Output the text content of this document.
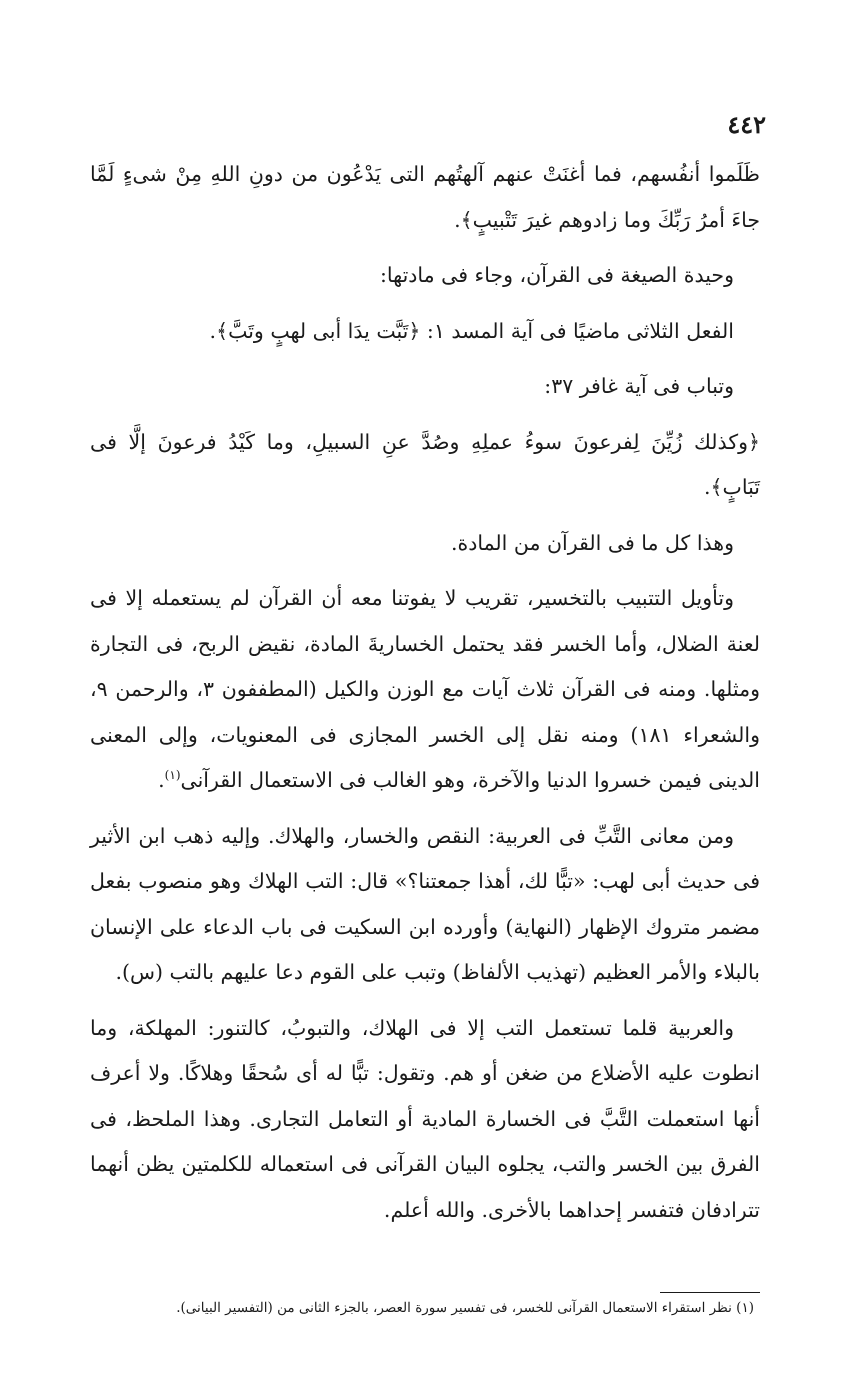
٤٤٢

ظَلَموا أنفُسهم، فما أغنَتْ عنهم آلهتُهم التى يَدْعُون من دونِ اللهِ مِنْ شىءٍ لَمَّا جاءَ أمرُ رَبِّكَ وما زادوهم غيرَ تَتْبيبٍ﴾.

وحيدة الصيغة فى القرآن، وجاء فى مادتها:

الفعل الثلاثى ماضيًا فى آية المسد ١: ﴿تَبَّت يدَا أبى لهبٍ وتَبَّ﴾.

وتباب فى آية غافر ٣٧:

﴿وكذلك زُيِّنَ لِفرعونَ سوءُ عملِهِ وصُدَّ عنِ السبيلِ، وما كَيْدُ فرعونَ إلَّا فى تَبَابٍ﴾.

وهذا كل ما فى القرآن من المادة.

وتأويل التتبيب بالتخسير، تقريب لا يفوتنا معه أن القرآن لم يستعمله إلا فى لعنة الضلال، وأما الخسر فقد يحتمل الخساريةَ المادة، نقيض الربح، فى التجارة ومثلها. ومنه فى القرآن ثلاث آيات مع الوزن والكيل (المطففون ٣، والرحمن ٩، والشعراء ١٨١) ومنه نقل إلى الخسر المجازى فى المعنويات، وإلى المعنى الدينى فيمن خسروا الدنيا والآخرة، وهو الغالب فى الاستعمال القرآنى$^{(١)}$.

ومن معانى التَّبِّ فى العربية: النقص والخسار، والهلاك. وإليه ذهب ابن الأثير فى حديث أبى لهب: «تبًّا لك، أهذا جمعتنا؟» قال: التب الهلاك وهو منصوب بفعل مضمر متروك الإظهار (النهاية) وأورده ابن السكيت فى باب الدعاء على الإنسان بالبلاء والأمر العظيم (تهذيب الألفاظ) وتبب على القوم دعا عليهم بالتب (س).

والعربية قلما تستعمل التب إلا فى الهلاك، والتبوبُ، كالتنور: المهلكة، وما انطوت عليه الأضلاع من ضغن أو هم. وتقول: تبًّا له أى سُحقًا وهلاكًا. ولا أعرف أنها استعملت التَّبَّ فى الخسارة المادية أو التعامل التجارى. وهذا الملحظ، فى الفرق بين الخسر والتب، يجلوه البيان القرآنى فى استعماله للكلمتين يظن أنهما تترادفان فتفسر إحداهما بالأخرى. والله أعلم.

(١) نظر استقراء الاستعمال القرآنى للخسر، فى تفسير سورة العصر، بالجزء الثانى من (التفسير البيانى).
